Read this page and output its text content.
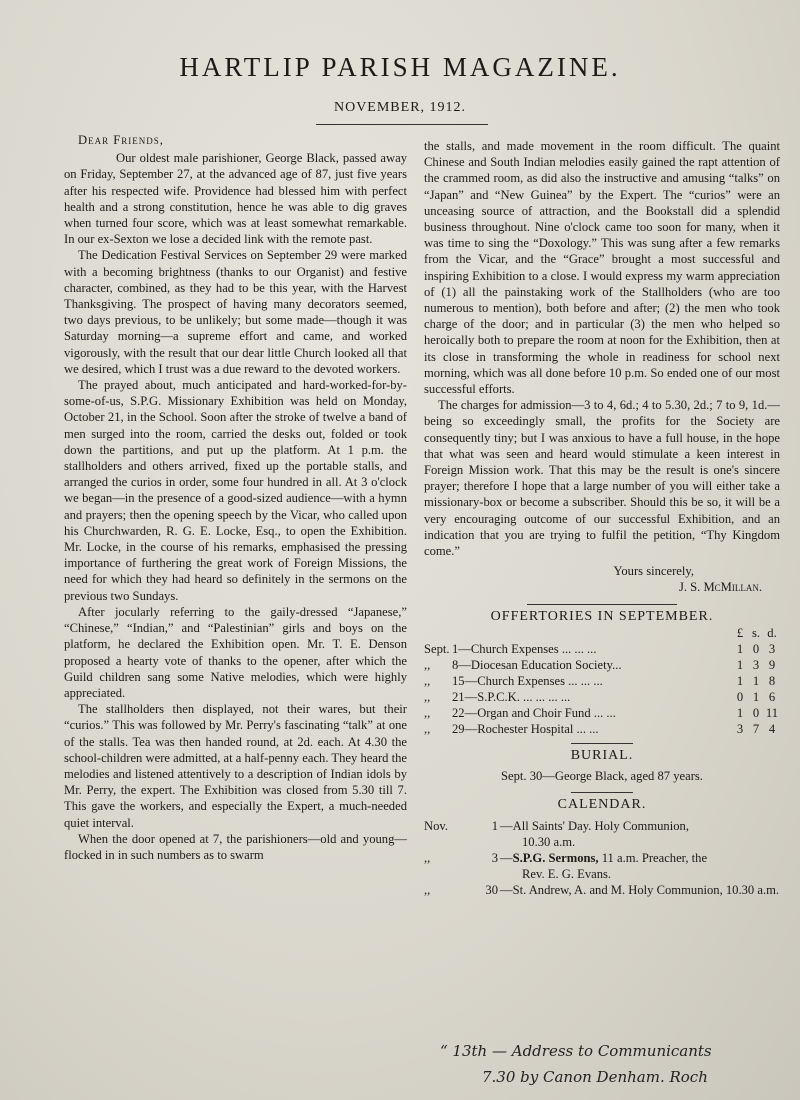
HARTLIP PARISH MAGAZINE.
NOVEMBER, 1912.
Dear Friends,

Our oldest male parishioner, George Black, passed away on Friday, September 27, at the advanced age of 87, just five years after his respected wife. Providence had blessed him with perfect health and a strong constitution, hence he was able to dig graves when turned four score, which was at least somewhat remarkable. In our ex-Sexton we lose a decided link with the remote past.

The Dedication Festival Services on September 29 were marked with a becoming brightness (thanks to our Organist) and festive character, combined, as they had to be this year, with the Harvest Thanksgiving. The prospect of having many decorators seemed, two days previous, to be unlikely; but some made—though it was Saturday morning—a supreme effort and came, and worked vigorously, with the result that our dear little Church looked all that we desired, which I trust was a due reward to the devoted workers.

The prayed about, much anticipated and hard-worked-for-by-some-of-us, S.P.G. Missionary Exhibition was held on Monday, October 21, in the School. Soon after the stroke of twelve a band of men surged into the room, carried the desks out, folded or took down the partitions, and put up the platform. At 1 p.m. the stallholders and others arrived, fixed up the portable stalls, and arranged the curios in order, some four hundred in all. At 3 o'clock we began—in the presence of a good-sized audience—with a hymn and prayers; then the opening speech by the Vicar, who called upon his Churchwarden, R. G. E. Locke, Esq., to open the Exhibition. Mr. Locke, in the course of his remarks, emphasised the pressing importance of furthering the great work of Foreign Missions, the need for which they had heard so definitely in the sermons on the previous two Sundays.

After jocularly referring to the gaily-dressed “Japanese,” “Chinese,” “Indian,” and “Palestinian” girls and boys on the platform, he declared the Exhibition open. Mr. T. E. Denson proposed a hearty vote of thanks to the opener, after which the Guild children sang some Native melodies, which were highly appreciated.

The stallholders then displayed, not their wares, but their “curios.” This was followed by Mr. Perry's fascinating “talk” at one of the stalls. Tea was then handed round, at 2d. each. At 4.30 the school-children were admitted, at a half-penny each. They heard the melodies and listened attentively to a description of Indian idols by Mr. Perry, the expert. The Exhibition was closed from 5.30 till 7. This gave the workers, and especially the Expert, a much-needed quiet interval.

When the door opened at 7, the parishioners—old and young—flocked in in such numbers as to swarm

the stalls, and made movement in the room difficult. The quaint Chinese and South Indian melodies easily gained the rapt attention of the crammed room, as did also the instructive and amusing “talks” on “Japan” and “New Guinea” by the Expert. The “curios” were an unceasing source of attraction, and the Bookstall did a splendid business throughout. Nine o'clock came too soon for many, when it was time to sing the “Doxology.” This was sung after a few remarks from the Vicar, and the “Grace” brought a most successful and inspiring Exhibition to a close. I would express my warm appreciation of (1) all the painstaking work of the Stallholders (who are too numerous to mention), both before and after; (2) the men who took charge of the door; and in particular (3) the men who helped so heroically both to prepare the room at noon for the Exhibition, then at its close in transforming the whole in readiness for school next morning, which was all done before 10 p.m. So ended one of our most successful efforts.

The charges for admission—3 to 4, 6d.; 4 to 5.30, 2d.; 7 to 9, 1d.—being so exceedingly small, the profits for the Society are consequently tiny; but I was anxious to have a full house, in the hope that what was seen and heard would stimulate a keen interest in Foreign Mission work. That this may be the result is one's sincere prayer; therefore I hope that a large number of you will either take a missionary-box or become a subscriber. Should this be so, it will be a very encouraging outcome of our successful Exhibition, and an indication that you are trying to fulfil the petition, “Thy Kingdom come.”

Yours sincerely,
J. S. McMillan.
OFFERTORIES IN SEPTEMBER.
		£	s.	d.
Sept.	1—Church Expenses ... ... ...	1	0	3
,,	8—Diocesan Education Society...	1	3	9
,,	15—Church Expenses ... ... ...	1	1	8
,,	21—S.P.C.K. ... ... ... ...	0	1	6
,,	22—Organ and Choir Fund ... ...	1	0	11
,,	29—Rochester Hospital ... ...	3	7	4
BURIAL.
Sept. 30—George Black, aged 87 years.
CALENDAR.
Nov.	1 —All Saints' Day. Holy Communion,
10.30 a.m.
,,	3 —S.P.G. Sermons, 11 a.m. Preacher, the
Rev. E. G. Evans.
,,	30 —St. Andrew, A. and M. Holy Communion, 10.30 a.m.
“ 13th — Address to Communicants
7.30 by Canon Denham. Roch
